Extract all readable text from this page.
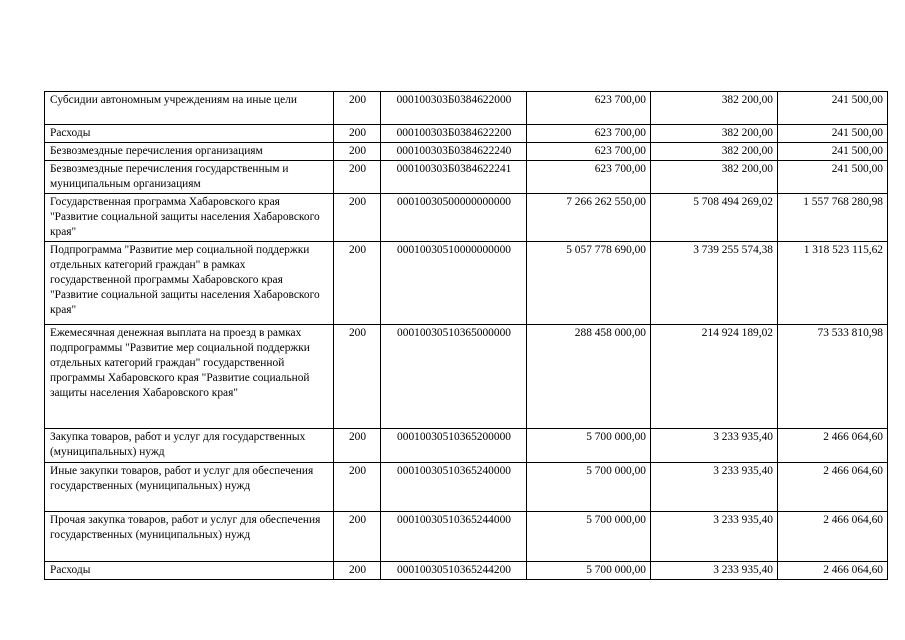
Субсидии автономным учреждениям на иные цели	200	000100303Б0384622000	623 700,00	382 200,00	241 500,00
Расходы	200	000100303Б0384622200	623 700,00	382 200,00	241 500,00
Безвозмездные перечисления организациям	200	000100303Б0384622240	623 700,00	382 200,00	241 500,00
Безвозмездные перечисления государственным и муниципальным организациям	200	000100303Б0384622241	623 700,00	382 200,00	241 500,00
Государственная программа Хабаровского края "Развитие социальной защиты населения Хабаровского края"	200	00010030500000000000	7 266 262 550,00	5 708 494 269,02	1 557 768 280,98
Подпрограмма "Развитие мер социальной поддержки отдельных категорий граждан" в рамках государственной программы Хабаровского края "Развитие социальной защиты населения Хабаровского края"	200	00010030510000000000	5 057 778 690,00	3 739 255 574,38	1 318 523 115,62
Ежемесячная денежная выплата на проезд в рамках подпрограммы "Развитие мер социальной поддержки отдельных категорий граждан" государственной программы Хабаровского края "Развитие социальной защиты населения Хабаровского края"	200	00010030510365000000	288 458 000,00	214 924 189,02	73 533 810,98
Закупка товаров, работ и услуг для государственных (муниципальных) нужд	200	00010030510365200000	5 700 000,00	3 233 935,40	2 466 064,60
Иные закупки товаров, работ и услуг для обеспечения государственных (муниципальных) нужд	200	00010030510365240000	5 700 000,00	3 233 935,40	2 466 064,60
Прочая закупка товаров, работ и услуг для обеспечения государственных (муниципальных) нужд	200	00010030510365244000	5 700 000,00	3 233 935,40	2 466 064,60
Расходы	200	00010030510365244200	5 700 000,00	3 233 935,40	2 466 064,60
